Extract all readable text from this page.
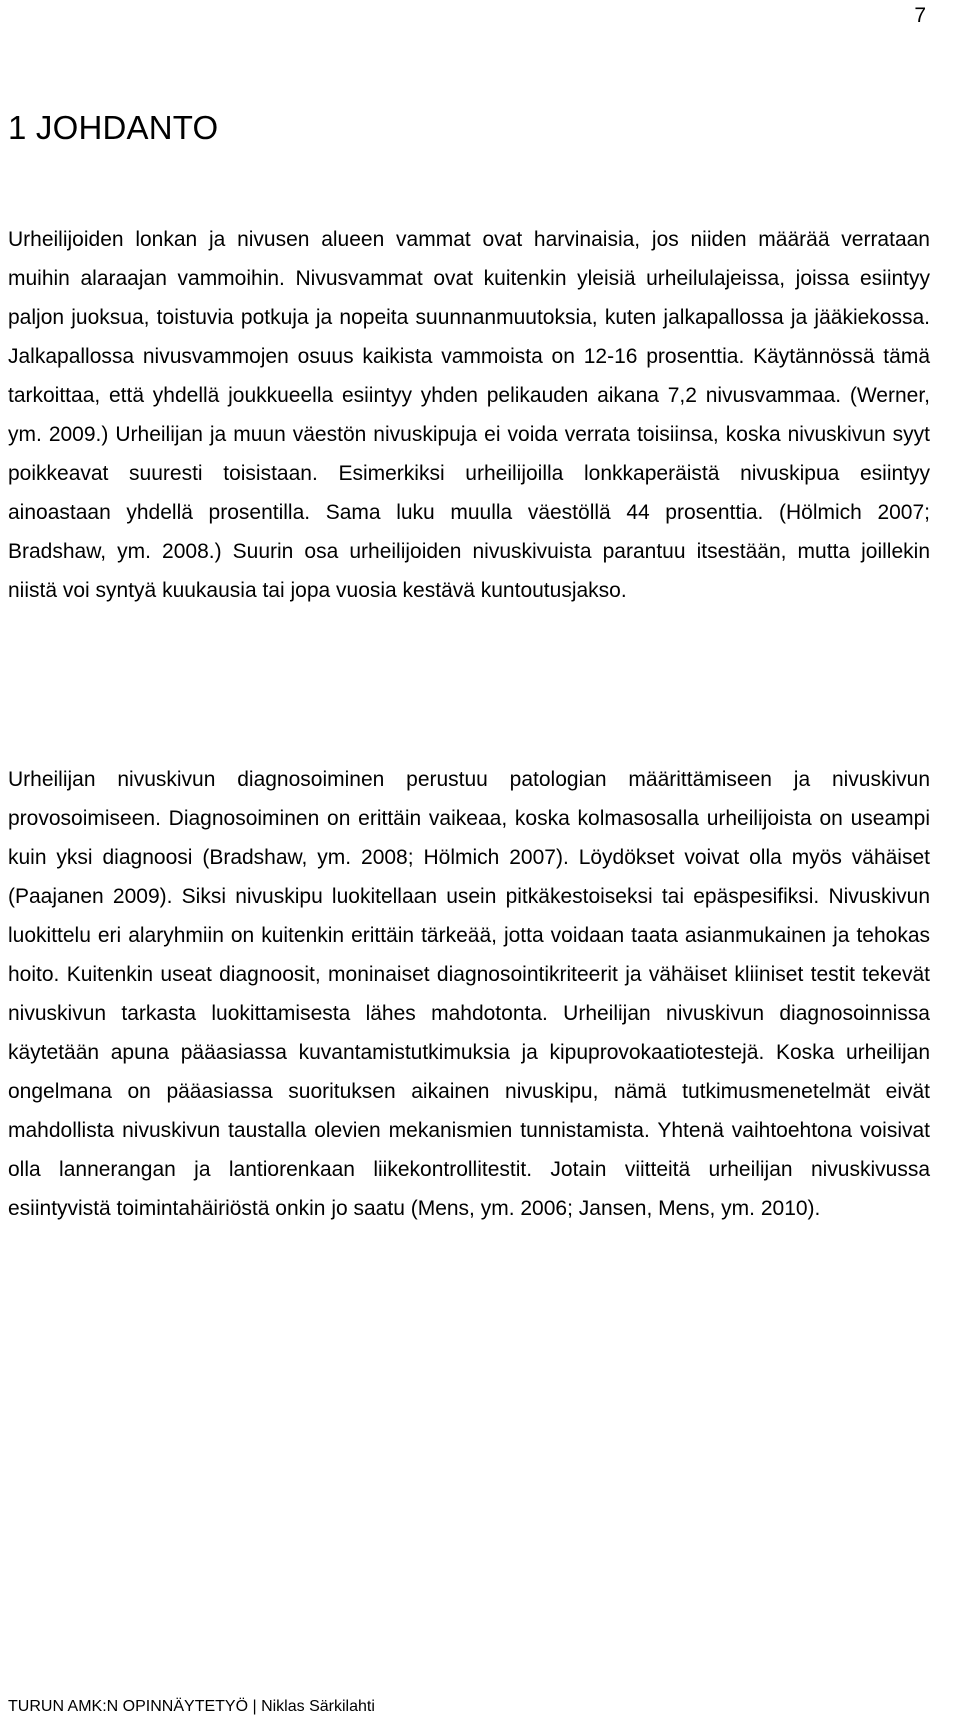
7
1 JOHDANTO

Urheilijoiden lonkan ja nivusen alueen vammat ovat harvinaisia, jos niiden määrää verrataan muihin alaraajan vammoihin. Nivusvammat ovat kuitenkin yleisiä urheilulajeissa, joissa esiintyy paljon juoksua, toistuvia potkuja ja nopeita suunnanmuutoksia, kuten jalkapallossa ja jääkiekossa. Jalkapallossa nivusvammojen osuus kaikista vammoista on 12-16 prosenttia. Käytännössä tämä tarkoittaa, että yhdellä joukkueella esiintyy yhden pelikauden aikana 7,2 nivusvammaa. (Werner, ym. 2009.) Urheilijan ja muun väestön nivuskipuja ei voida verrata toisiinsa, koska nivuskivun syyt poikkeavat suuresti toisistaan. Esimerkiksi urheilijoilla lonkkaperäistä nivuskipua esiintyy ainoastaan yhdellä prosentilla. Sama luku muulla väestöllä 44 prosenttia. (Hölmich 2007; Bradshaw, ym. 2008.) Suurin osa urheilijoiden nivuskivuista parantuu itsestään, mutta joillekin niistä voi syntyä kuukausia tai jopa vuosia kestävä kuntoutusjakso.

Urheilijan nivuskivun diagnosoiminen perustuu patologian määrittämiseen ja nivuskivun provosoimiseen. Diagnosoiminen on erittäin vaikeaa, koska kolmasosalla urheilijoista on useampi kuin yksi diagnoosi (Bradshaw, ym. 2008; Hölmich 2007). Löydökset voivat olla myös vähäiset (Paajanen 2009). Siksi nivuskipu luokitellaan usein pitkäkestoiseksi tai epäspesifiksi. Nivuskivun luokittelu eri alaryhmiin on kuitenkin erittäin tärkeää, jotta voidaan taata asianmukainen ja tehokas hoito. Kuitenkin useat diagnoosit, moninaiset diagnosointikriteerit ja vähäiset kliiniset testit tekevät nivuskivun tarkasta luokittamisesta lähes mahdotonta. Urheilijan nivuskivun diagnosoinnissa käytetään apuna pääasiassa kuvantamistutkimuksia ja kipuprovokaatiotestejä. Koska urheilijan ongelmana on pääasiassa suorituksen aikainen nivuskipu, nämä tutkimusmenetelmät eivät mahdollista nivuskivun taustalla olevien mekanismien tunnistamista. Yhtenä vaihtoehtona voisivat olla lannerangan ja lantiorenkaan liikekontrollitestit. Jotain viitteitä urheilijan nivuskivussa esiintyvistä toimintahäiriöstä onkin jo saatu (Mens, ym. 2006; Jansen, Mens, ym. 2010).

TURUN AMK:N OPINNÄYTETYÖ | Niklas Särkilahti
